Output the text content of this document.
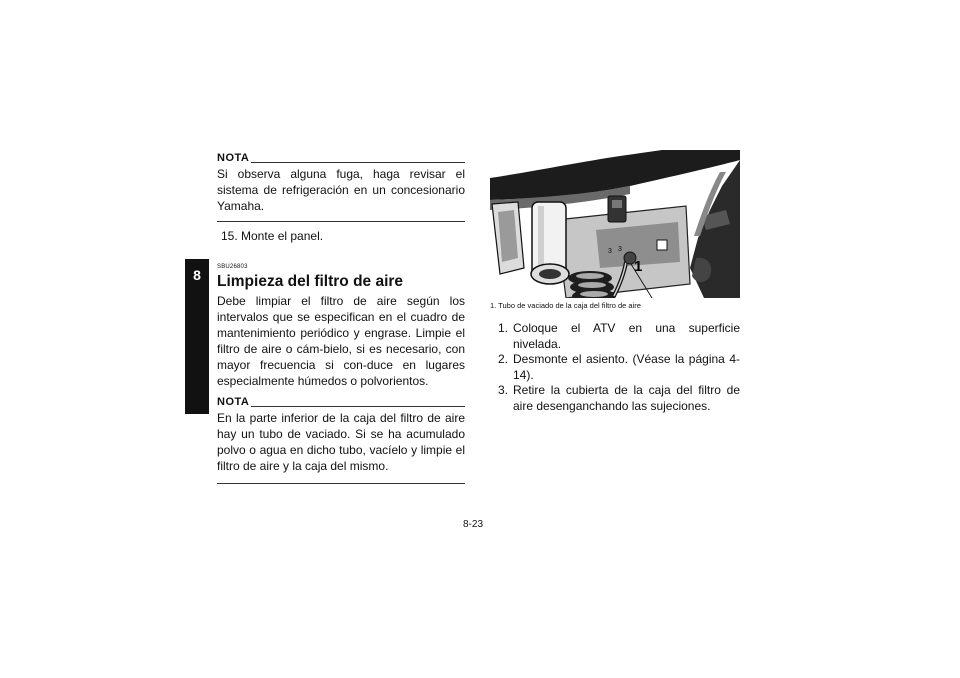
8
NOTA
Si observa alguna fuga, haga revisar el sistema de refrigeración en un concesionario Yamaha.
15. Monte el panel.
SBU26803
Limpieza del filtro de aire
Debe limpiar el filtro de aire según los intervalos que se especifican en el cuadro de mantenimiento periódico y engrase. Limpie el filtro de aire o cám-bielo, si es necesario, con mayor frecuencia si con-duce en lugares especialmente húmedos o polvorientos.
NOTA
En la parte inferior de la caja del filtro de aire hay un tubo de vaciado. Si se ha acumulado polvo o agua en dicho tubo, vacíelo y limpie el filtro de aire y la caja del mismo.
3 3
1
1. Tubo de vaciado de la caja del filtro de aire
1. Coloque el ATV en una superficie nivelada.
2. Desmonte el asiento. (Véase la página 4-14).
3. Retire la cubierta de la caja del filtro de aire desenganchando las sujeciones.
8-23
